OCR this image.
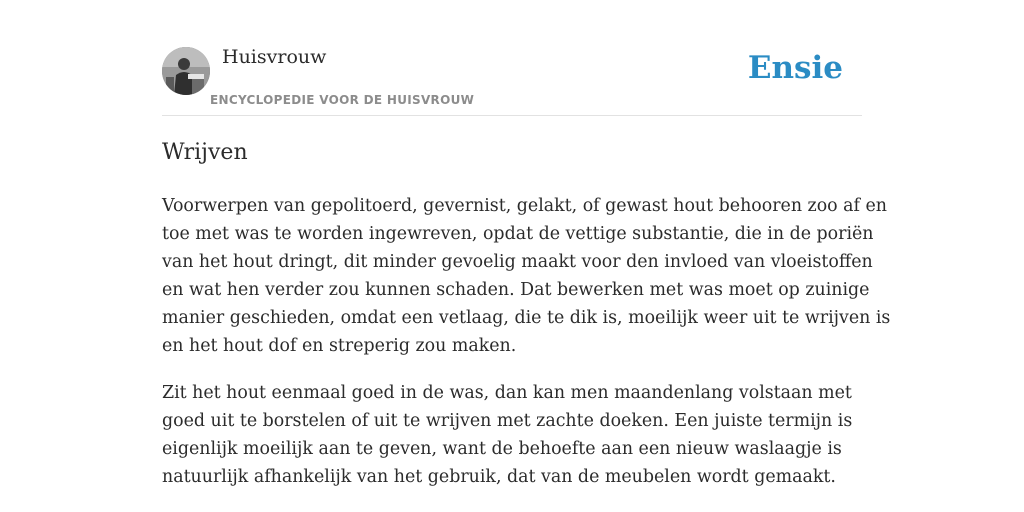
Huisvrouw
ENCYCLOPEDIE VOOR DE HUISVROUW
Ensie
Wrijven

Voorwerpen van gepolitoerd, gevernist, gelakt, of gewast hout behooren zoo af en
toe met was te worden ingewreven, opdat de vettige substantie, die in de poriën
van het hout dringt, dit minder gevoelig maakt voor den invloed van vloeistoffen
en wat hen verder zou kunnen schaden. Dat bewerken met was moet op zuinige
manier geschieden, omdat een vetlaag, die te dik is, moeilijk weer uit te wrijven is
en het hout dof en streperig zou maken.

Zit het hout eenmaal goed in de was, dan kan men maandenlang volstaan met
goed uit te borstelen of uit te wrijven met zachte doeken. Een juiste termijn is
eigenlijk moeilijk aan te geven, want de behoefte aan een nieuw waslaagje is
natuurlijk afhankelijk van het gebruik, dat van de meubelen wordt gemaakt.
